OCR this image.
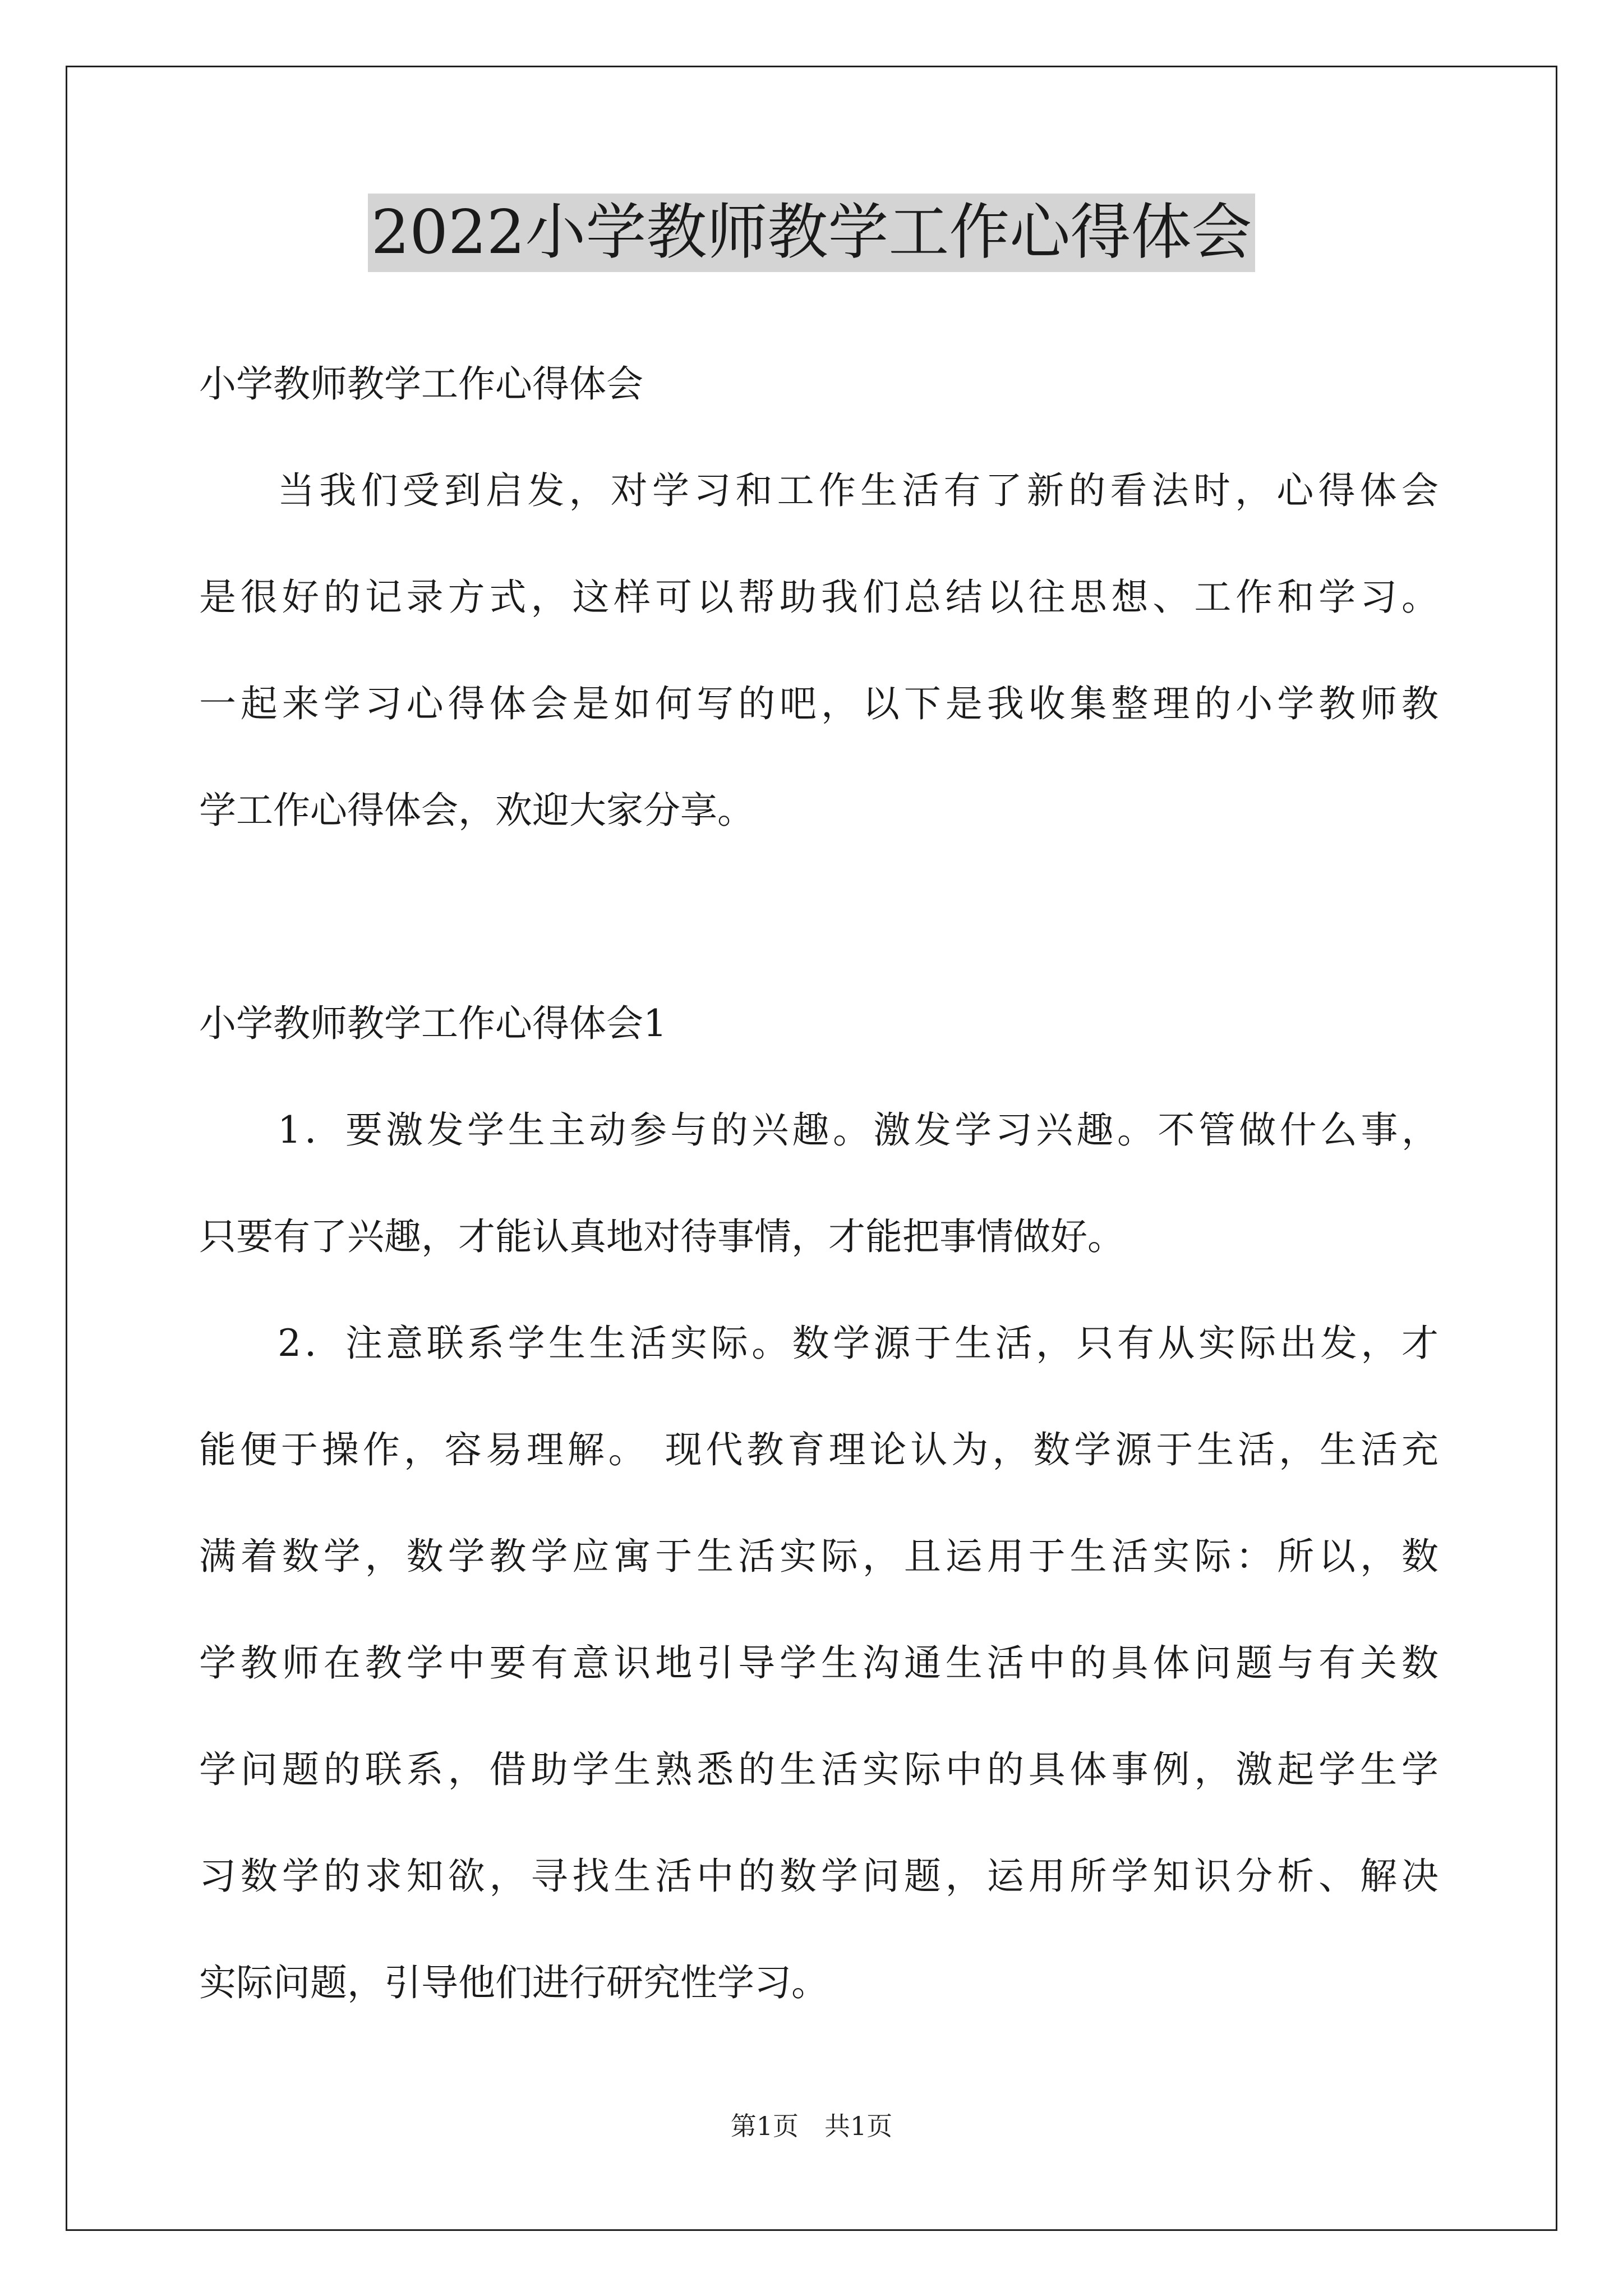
2022小学教师教学工作心得体会
小学教师教学工作心得体会
当我们受到启发，对学习和工作生活有了新的看法时，心得体会
是很好的记录方式，这样可以帮助我们总结以往思想、工作和学习。
一起来学习心得体会是如何写的吧，以下是我收集整理的小学教师教
学工作心得体会，欢迎大家分享。
小学教师教学工作心得体会1
1．要激发学生主动参与的兴趣。激发学习兴趣。不管做什么事，
只要有了兴趣，才能认真地对待事情，才能把事情做好。
2．注意联系学生生活实际。数学源于生活，只有从实际出发，才
能便于操作，容易理解。 现代教育理论认为，数学源于生活，生活充
满着数学，数学教学应寓于生活实际，且运用于生活实际：所以，数
学教师在教学中要有意识地引导学生沟通生活中的具体问题与有关数
学问题的联系，借助学生熟悉的生活实际中的具体事例，激起学生学
习数学的求知欲，寻找生活中的数学问题，运用所学知识分析、解决
实际问题，引导他们进行研究性学习。
第1页　共1页
